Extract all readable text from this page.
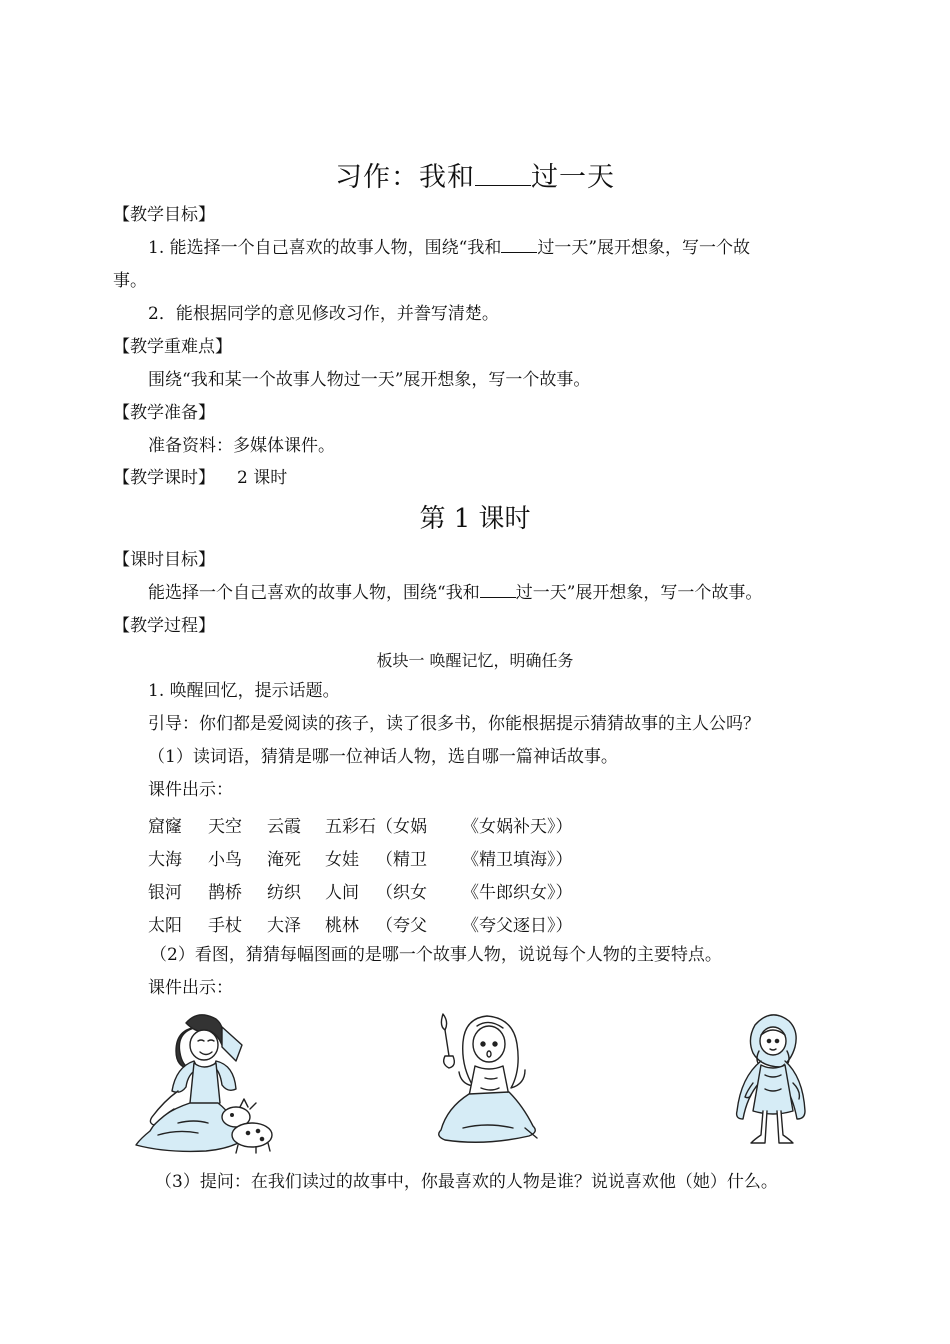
习作：我和 过一天
【教学目标】
1. 能选择一个自己喜欢的故事人物，围绕“我和 过一天”展开想象，写一个故
事。
2．能根据同学的意见修改习作，并誊写清楚。
【教学重难点】
围绕“我和某一个故事人物过一天”展开想象，写一个故事。
【教学准备】
准备资料：多媒体课件。
【教学课时】 2 课时
第 1 课时
【课时目标】
能选择一个自己喜欢的故事人物，围绕“我和 过一天”展开想象，写一个故事。
【教学过程】
板块一 唤醒记忆，明确任务
1. 唤醒回忆，提示话题。
引导：你们都是爱阅读的孩子，读了很多书，你能根据提示猜猜故事的主人公吗？
（1）读词语，猜猜是哪一位神话人物，选自哪一篇神话故事。
课件出示：
窟窿 天空 云霞 五彩石 （女娲 《女娲补天》）
大海 小鸟 淹死 女娃 （精卫 《精卫填海》）
银河 鹊桥 纺织 人间 （织女 《牛郎织女》）
太阳 手杖 大泽 桃林 （夸父 《夸父逐日》）
（2）看图，猜猜每幅图画的是哪一个故事人物，说说每个人物的主要特点。
课件出示：
（3）提问：在我们读过的故事中，你最喜欢的人物是谁？说说喜欢他（她）什么。
